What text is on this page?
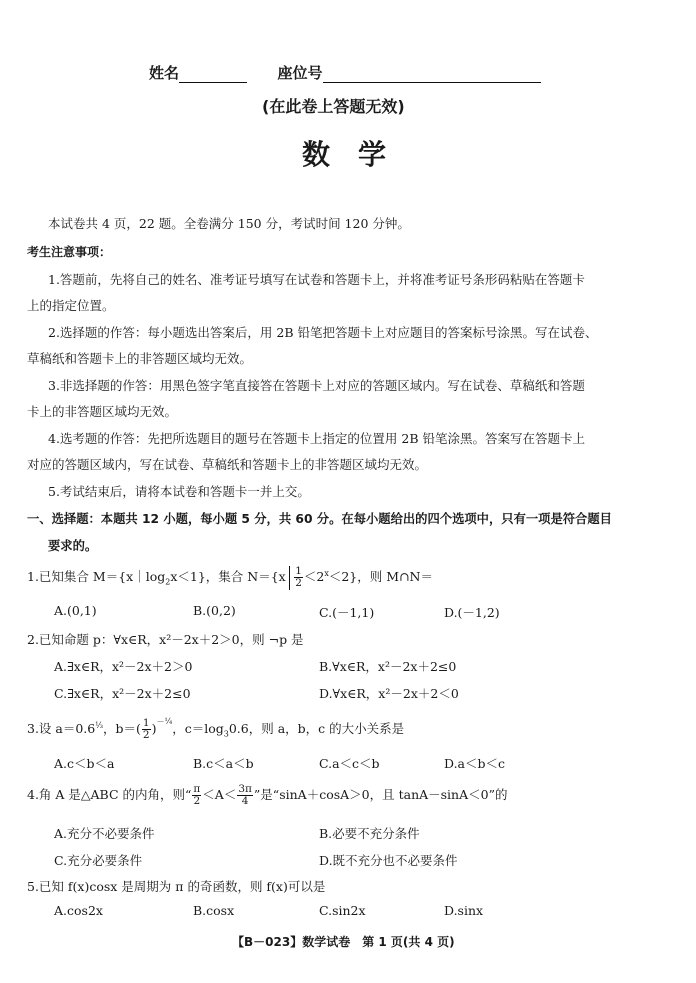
姓名	座位号
(在此卷上答题无效)
数　学
本试卷共 4 页，22 题。全卷满分 150 分，考试时间 120 分钟。
考生注意事项：
1.答题前，先将自己的姓名、准考证号填写在试卷和答题卡上，并将准考证号条形码粘贴在答题卡
上的指定位置。
2.选择题的作答：每小题选出答案后，用 2B 铅笔把答题卡上对应题目的答案标号涂黑。写在试卷、
草稿纸和答题卡上的非答题区域均无效。
3.非选择题的作答：用黑色签字笔直接答在答题卡上对应的答题区域内。写在试卷、草稿纸和答题
卡上的非答题区域均无效。
4.选考题的作答：先把所选题目的题号在答题卡上指定的位置用 2B 铅笔涂黑。答案写在答题卡上
对应的答题区域内，写在试卷、草稿纸和答题卡上的非答题区域均无效。
5.考试结束后，请将本试卷和答题卡一并上交。
一、选择题：本题共 12 小题，每小题 5 分，共 60 分。在每小题给出的四个选项中，只有一项是符合题目
要求的。
1.已知集合 $M=\{x|\log_2x<1\}$，集合 $N=\{x \frac{1}{2} <2^x<2\}$，则 M∩N＝
A.(0,1)	B.(0,2)	C.(－1,1)	D.(－1,2)
2.已知命题 p：∀x∈R，x²－2x＋2＞0，则 ¬p 是
A.∃x∈R，x²－2x＋2＞0	B.∀x∈R，x²－2x＋2≤0
C.∃x∈R，x²－2x＋2≤0	D.∀x∈R，x²－2x＋2＜0
3.设 $a=0.6^{\frac{1}{3}}$，$b=( \frac{1}{2} )^{-\frac{1}{4}}$，$c=\log_30.6$，则 a，b，c 的大小关系是
A.c＜b＜a	B.c＜a＜b	C.a＜c＜b	D.a＜b＜c
4.角 A 是△ABC 的内角，则“ $\frac{\pi}{2} <A< \frac{3\pi}{4}$ ”是“sinA＋cosA＞0，且 tanA－sinA＜0”的
A.充分不必要条件	B.必要不充分条件
C.充分必要条件	D.既不充分也不必要条件
5.已知 f(x)cosx 是周期为 π 的奇函数，则 f(x)可以是
A.cos2x	B.cosx	C.sin2x	D.sinx
【B－023】数学试卷　第 1 页(共 4 页)
